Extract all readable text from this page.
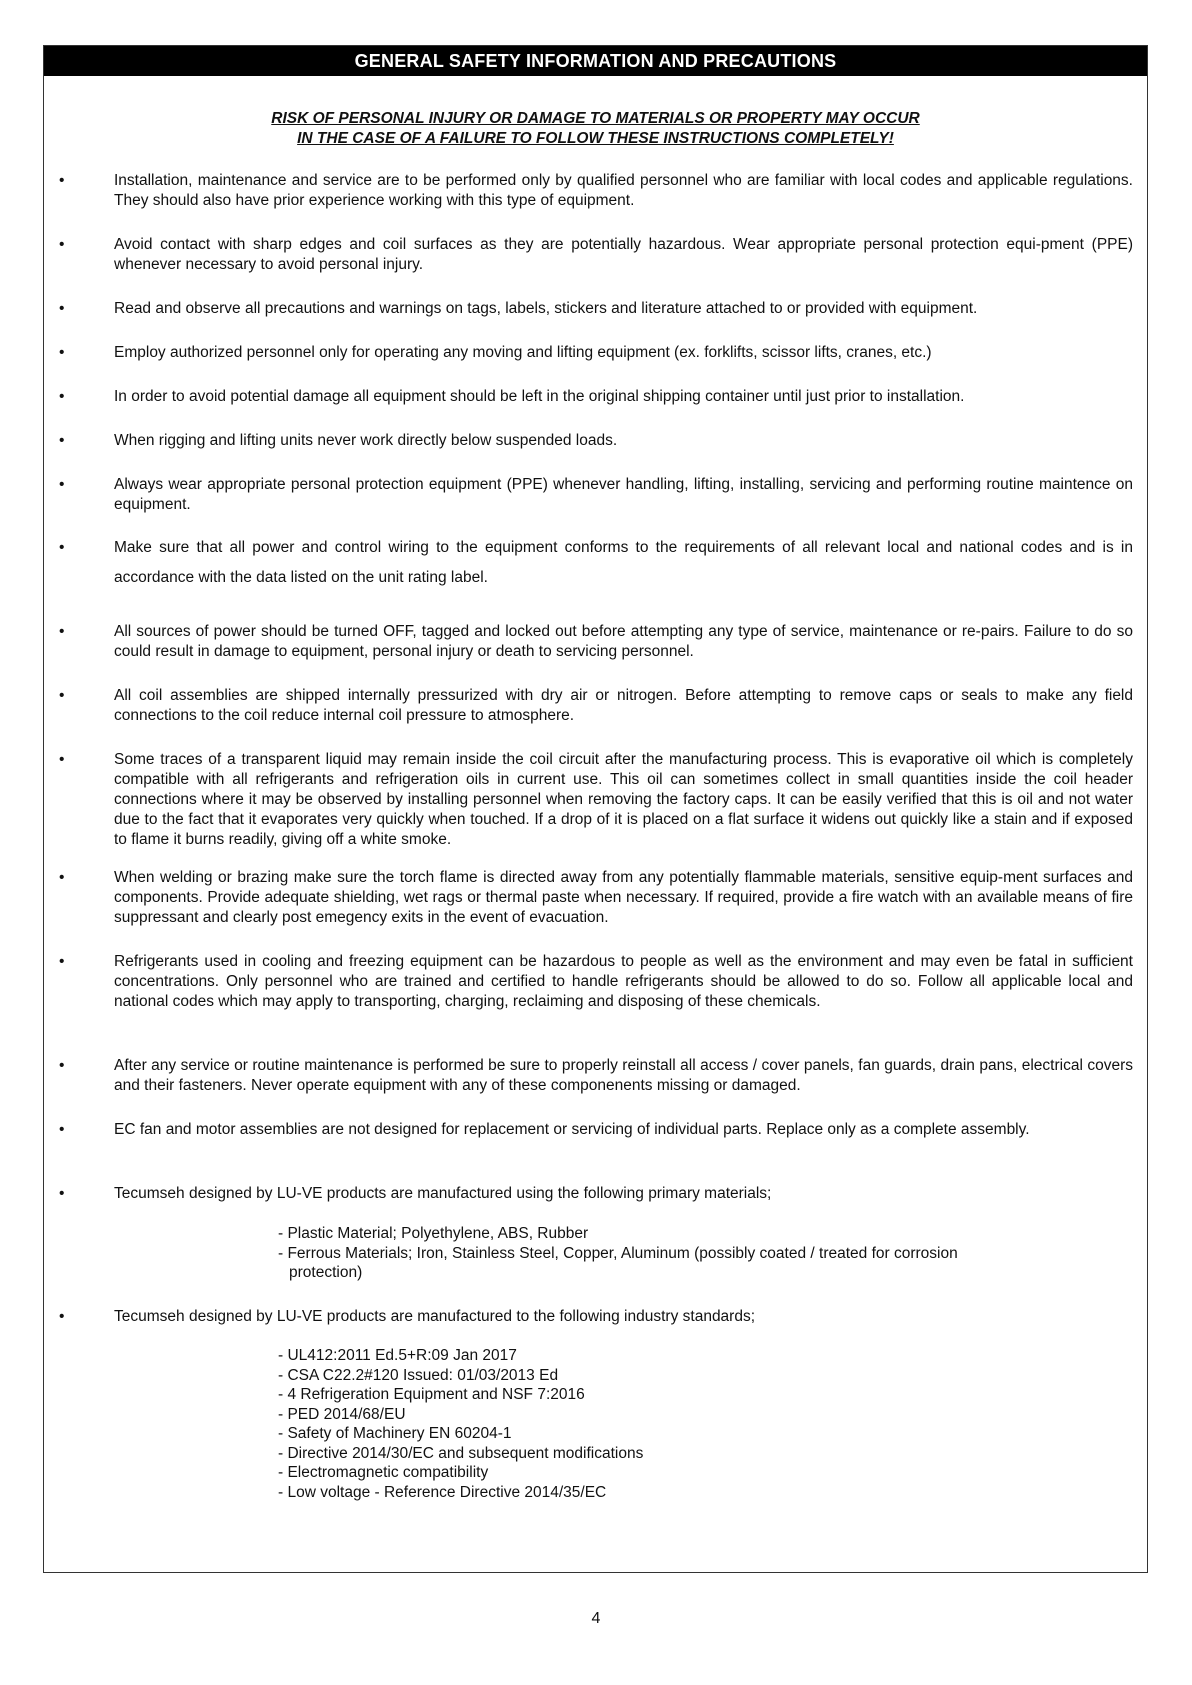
GENERAL SAFETY INFORMATION AND PRECAUTIONS
RISK OF PERSONAL INJURY OR DAMAGE TO MATERIALS OR PROPERTY MAY OCCUR
IN THE CASE OF A FAILURE TO FOLLOW THESE INSTRUCTIONS COMPLETELY!
•	Installation, maintenance and service are to be performed only by qualified personnel who are familiar with local codes and applicable regulations. They should also have prior experience working with this type of equipment.
•	Avoid contact with sharp edges and coil surfaces as they are potentially hazardous. Wear appropriate personal protection equi-pment (PPE) whenever necessary to avoid personal injury.
•	Read and observe all precautions and warnings on tags, labels, stickers and literature attached to or provided with equipment.
•	Employ authorized personnel only for operating any moving and lifting equipment (ex. forklifts, scissor lifts, cranes, etc.)
•	In order to avoid potential damage all equipment should be left in the original shipping container until just prior to installation.
•	When rigging and lifting units never work directly below suspended loads.
•	Always wear appropriate personal protection equipment (PPE) whenever handling, lifting, installing, servicing and performing routine maintence on equipment.
•	Make sure that all power and control wiring to the equipment conforms to the requirements of all relevant local and national codes and is in accordance with the data listed on the unit rating label.
•	All sources of power should be turned OFF, tagged and locked out before attempting any type of service, maintenance or re-pairs. Failure to do so could result in damage to equipment, personal injury or death to servicing personnel.
•	All coil assemblies are shipped internally pressurized with dry air or nitrogen. Before attempting to remove caps or seals to make any field connections to the coil reduce internal coil pressure to atmosphere.
•	Some traces of a transparent liquid may remain inside the coil circuit after the manufacturing process. This is evaporative oil which is completely compatible with all refrigerants and refrigeration oils in current use. This oil can sometimes collect in small quantities inside the coil header connections where it may be observed by installing personnel when removing the factory caps. It can be easily verified that this is oil and not water due to the fact that it evaporates very quickly when touched. If a drop of it is placed on a flat surface it widens out quickly like a stain and if exposed to flame it burns readily, giving off a white smoke.
•	When welding or brazing make sure the torch flame is directed away from any potentially flammable materials, sensitive equip-ment surfaces and components. Provide adequate shielding, wet rags or thermal paste when necessary. If required, provide a fire watch with an available means of fire suppressant and clearly post emegency exits in the event of evacuation.
•	Refrigerants used in cooling and freezing equipment can be hazardous to people as well as the environment and may even be fatal in sufficient concentrations. Only personnel who are trained and certified to handle refrigerants should be allowed to do so. Follow all applicable local and national codes which may apply to transporting, charging, reclaiming and disposing of these chemicals.
•	After any service or routine maintenance is performed be sure to properly reinstall all access / cover panels, fan guards, drain pans, electrical covers and their fasteners. Never operate equipment with any of these componenents missing or damaged.
•	EC fan and motor assemblies are not designed for replacement or servicing of individual parts. Replace only as a complete assembly.
•	Tecumseh designed by LU-VE products are manufactured using the following primary materials;
- Plastic Material; Polyethylene, ABS, Rubber
- Ferrous Materials; Iron, Stainless Steel, Copper, Aluminum (possibly coated / treated for corrosion protection)
•	Tecumseh designed by LU-VE products are manufactured to the following industry standards;
- UL412:2011 Ed.5+R:09 Jan 2017
- CSA C22.2#120 Issued: 01/03/2013 Ed
- 4 Refrigeration Equipment and NSF 7:2016
- PED 2014/68/EU
- Safety of Machinery EN 60204-1
- Directive 2014/30/EC and subsequent modifications
- Electromagnetic compatibility
- Low voltage - Reference Directive 2014/35/EC
4
